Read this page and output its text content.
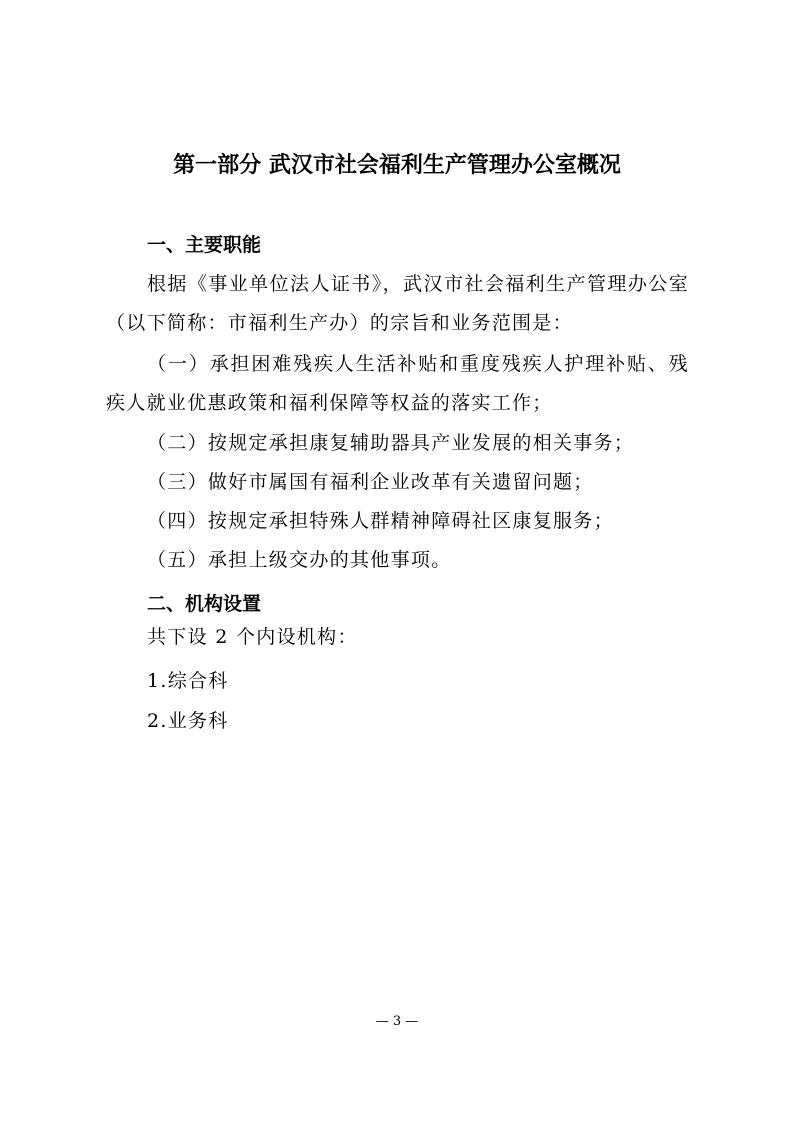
第一部分 武汉市社会福利生产管理办公室概况
一、主要职能
根据《事业单位法人证书》，武汉市社会福利生产管理办公室（以下简称：市福利生产办）的宗旨和业务范围是：
（一）承担困难残疾人生活补贴和重度残疾人护理补贴、残疾人就业优惠政策和福利保障等权益的落实工作；
（二）按规定承担康复辅助器具产业发展的相关事务；
（三）做好市属国有福利企业改革有关遗留问题；
（四）按规定承担特殊人群精神障碍社区康复服务；
（五）承担上级交办的其他事项。
二、机构设置
共下设 2 个内设机构：
1.综合科
2.业务科
— 3 —
